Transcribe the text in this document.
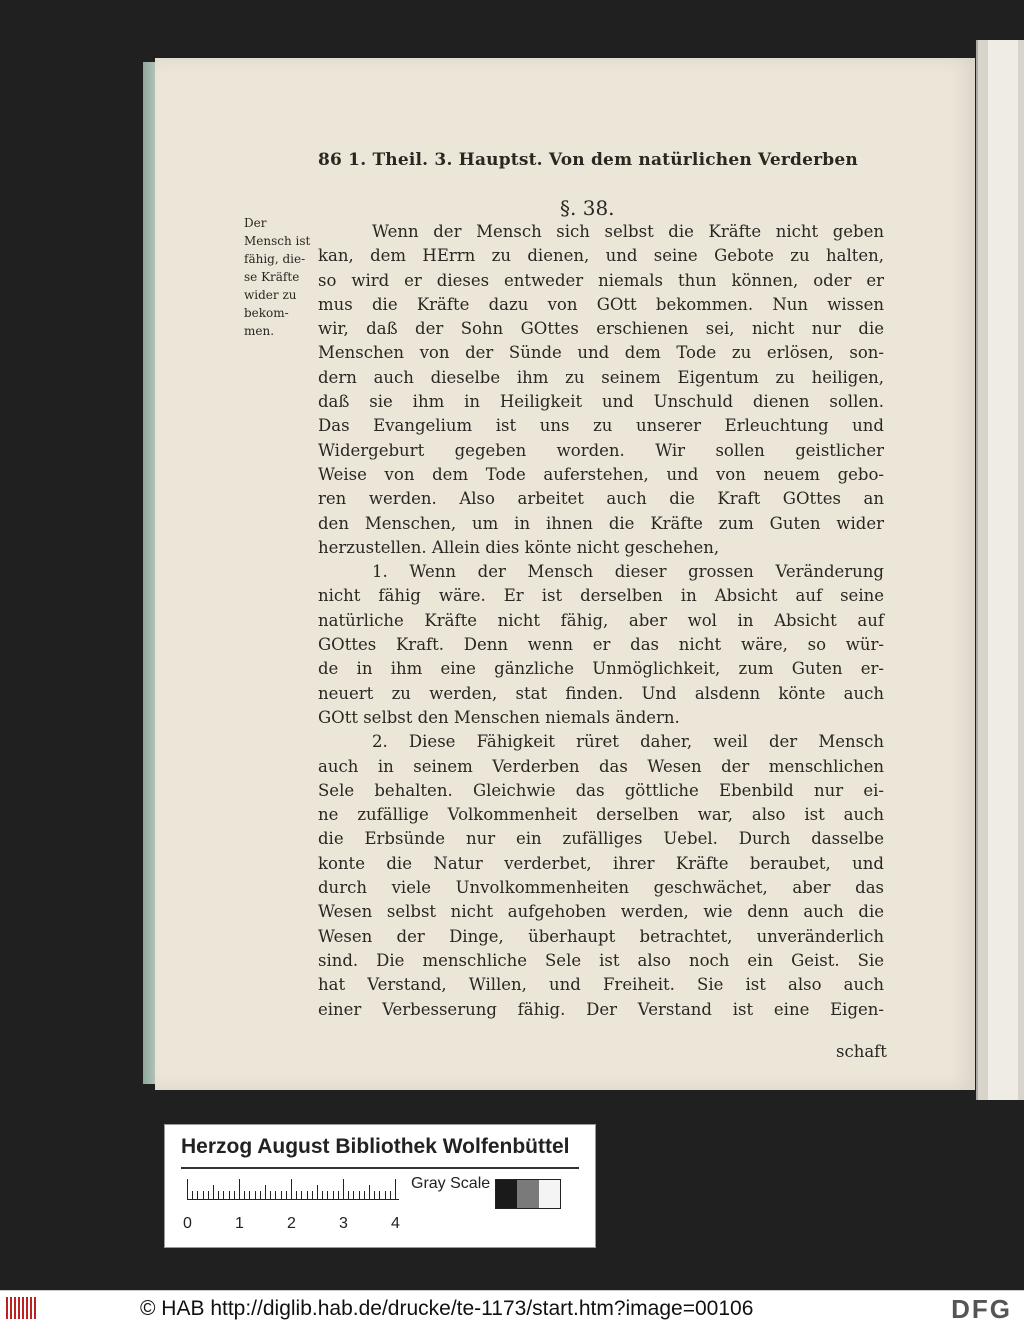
86 1. Theil. 3. Hauptst. Von dem natürlichen Verderben
§. 38.
Der
Mensch ist
fähig, die-
se Kräfte
wider zu
bekom-
men.
Wenn der Mensch sich selbst die Kräfte nicht geben
kan, dem HErrn zu dienen, und seine Gebote zu halten,
so wird er dieses entweder niemals thun können, oder er
mus die Kräfte dazu von GOtt bekommen. Nun wissen
wir, daß der Sohn GOttes erschienen sei, nicht nur die
Menschen von der Sünde und dem Tode zu erlösen, son-
dern auch dieselbe ihm zu seinem Eigentum zu heiligen,
daß sie ihm in Heiligkeit und Unschuld dienen sollen.
Das Evangelium ist uns zu unserer Erleuchtung und
Widergeburt gegeben worden. Wir sollen geistlicher
Weise von dem Tode auferstehen, und von neuem gebo-
ren werden. Also arbeitet auch die Kraft GOttes an
den Menschen, um in ihnen die Kräfte zum Guten wider
herzustellen. Allein dies könte nicht geschehen,
1. Wenn der Mensch dieser grossen Veränderung
nicht fähig wäre. Er ist derselben in Absicht auf seine
natürliche Kräfte nicht fähig, aber wol in Absicht auf
GOttes Kraft. Denn wenn er das nicht wäre, so wür-
de in ihm eine gänzliche Unmöglichkeit, zum Guten er-
neuert zu werden, stat finden. Und alsdenn könte auch
GOtt selbst den Menschen niemals ändern.
2. Diese Fähigkeit rüret daher, weil der Mensch
auch in seinem Verderben das Wesen der menschlichen
Sele behalten. Gleichwie das göttliche Ebenbild nur ei-
ne zufällige Volkommenheit derselben war, also ist auch
die Erbsünde nur ein zufälliges Uebel. Durch dasselbe
konte die Natur verderbet, ihrer Kräfte beraubet, und
durch viele Unvolkommenheiten geschwächet, aber das
Wesen selbst nicht aufgehoben werden, wie denn auch die
Wesen der Dinge, überhaupt betrachtet, unveränderlich
sind. Die menschliche Sele ist also noch ein Geist. Sie
hat Verstand, Willen, und Freiheit. Sie ist also auch
einer Verbesserung fähig. Der Verstand ist eine Eigen-
schaft
Herzog August Bibliothek Wolfenbüttel
Gray Scale
0	1	2	3	4
© HAB http://diglib.hab.de/drucke/te-1173/start.htm?image=00106	DFG
